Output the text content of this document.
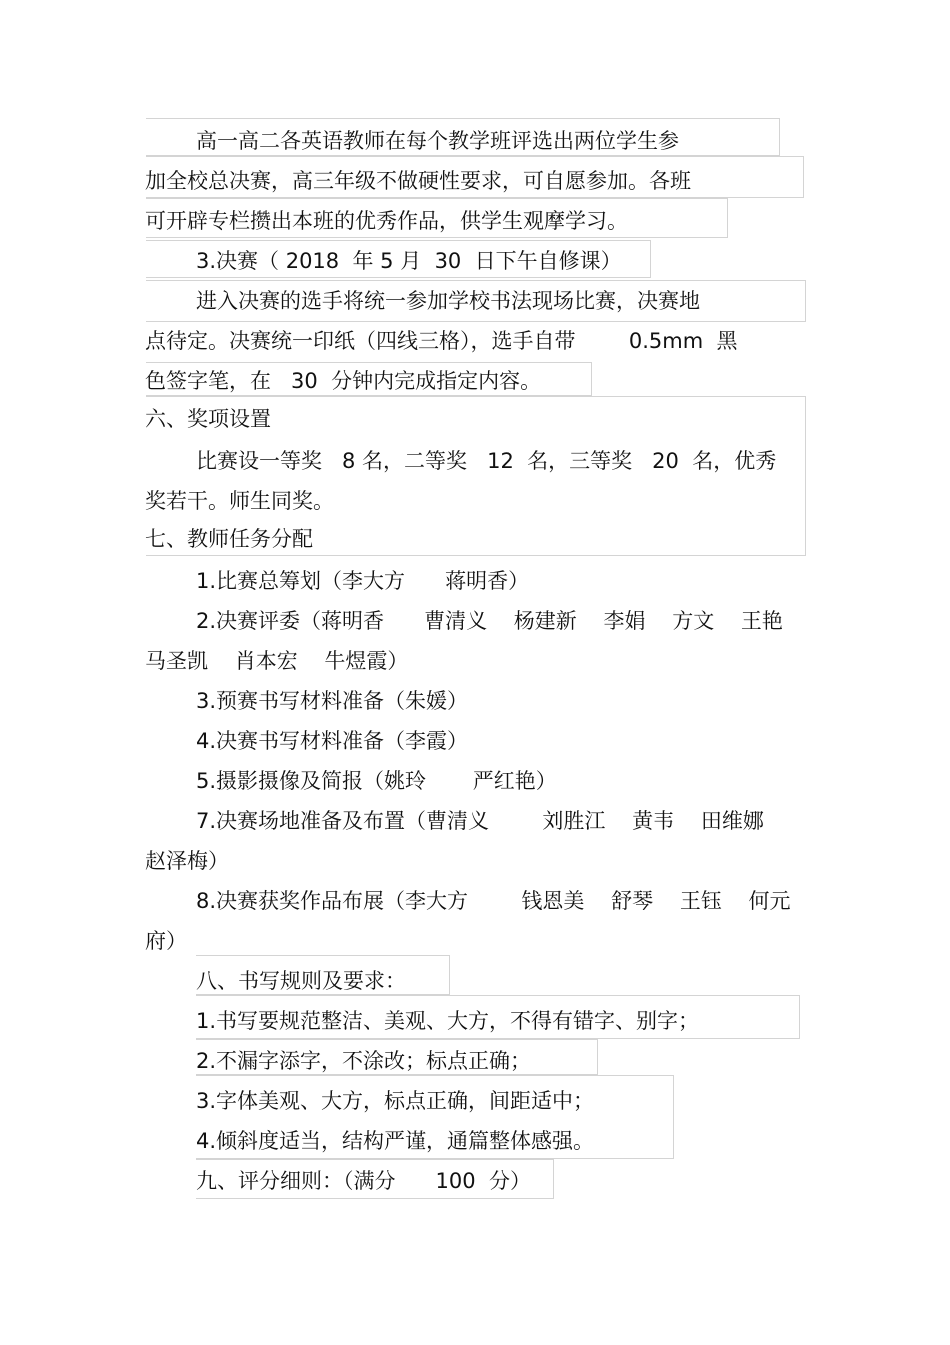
高一高二各英语教师在每个教学班评选出两位学生参

加全校总决赛，高三年级不做硬性要求，可自愿参加。各班

可开辟专栏攒出本班的优秀作品，供学生观摩学习。

3.决赛（ 2018  年 5 月  30  日下午自修课）

进入决赛的选手将统一参加学校书法现场比赛，决赛地

点待定。决赛统一印纸（四线三格），选手自带        0.5mm  黑

色签字笔，在   30  分钟内完成指定内容。

六、奖项设置

比赛设一等奖   8 名，二等奖   12  名，三等奖   20  名，优秀

奖若干。师生同奖。

七、教师任务分配

1.比赛总筹划（李大方      蒋明香）

2.决赛评委（蒋明香      曹清义    杨建新    李娟    方文    王艳

马圣凯    肖本宏    牛煜霞）

3.预赛书写材料准备（朱媛）

4.决赛书写材料准备（李霞）

5.摄影摄像及简报（姚玲       严红艳）

7.决赛场地准备及布置（曹清义        刘胜江    黄韦    田维娜

赵泽梅）

8.决赛获奖作品布展（李大方        钱恩美    舒琴    王钰    何元

府）

八、书写规则及要求：

1.书写要规范整洁、美观、大方，不得有错字、别字；

2.不漏字添字，不涂改；标点正确；

3.字体美观、大方，标点正确，间距适中；

4.倾斜度适当，结构严谨，通篇整体感强。

九、评分细则：（满分      100  分）
